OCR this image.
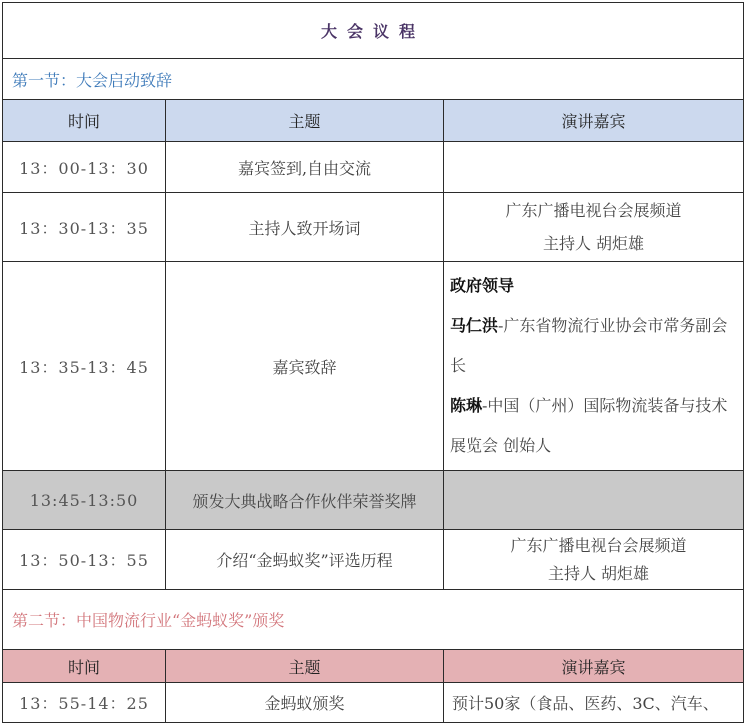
大会议程		
第一节：大会启动致辞		
时间	主题	演讲嘉宾
13：00-13：30	嘉宾签到,自由交流	
13：30-13：35	主持人致开场词	广东广播电视台会展频道
主持人 胡炬雄

13：35-13：45	嘉宾致辞	政府领导
马仁洪-广东省物流行业协会市常务副会长
陈琳-中国（广州）国际物流装备与技术展览会 创始人

13:45-13:50	颁发大典战略合作伙伴荣誉奖牌	
13：50-13：55	介绍“金蚂蚁奖”评选历程	广东广播电视台会展频道
主持人 胡炬雄

第二节：中国物流行业“金蚂蚁奖”颁奖		
时间	主题	演讲嘉宾
13：55-14：25	金蚂蚁颁奖	预计50家（食品、医药、3C、汽车、
